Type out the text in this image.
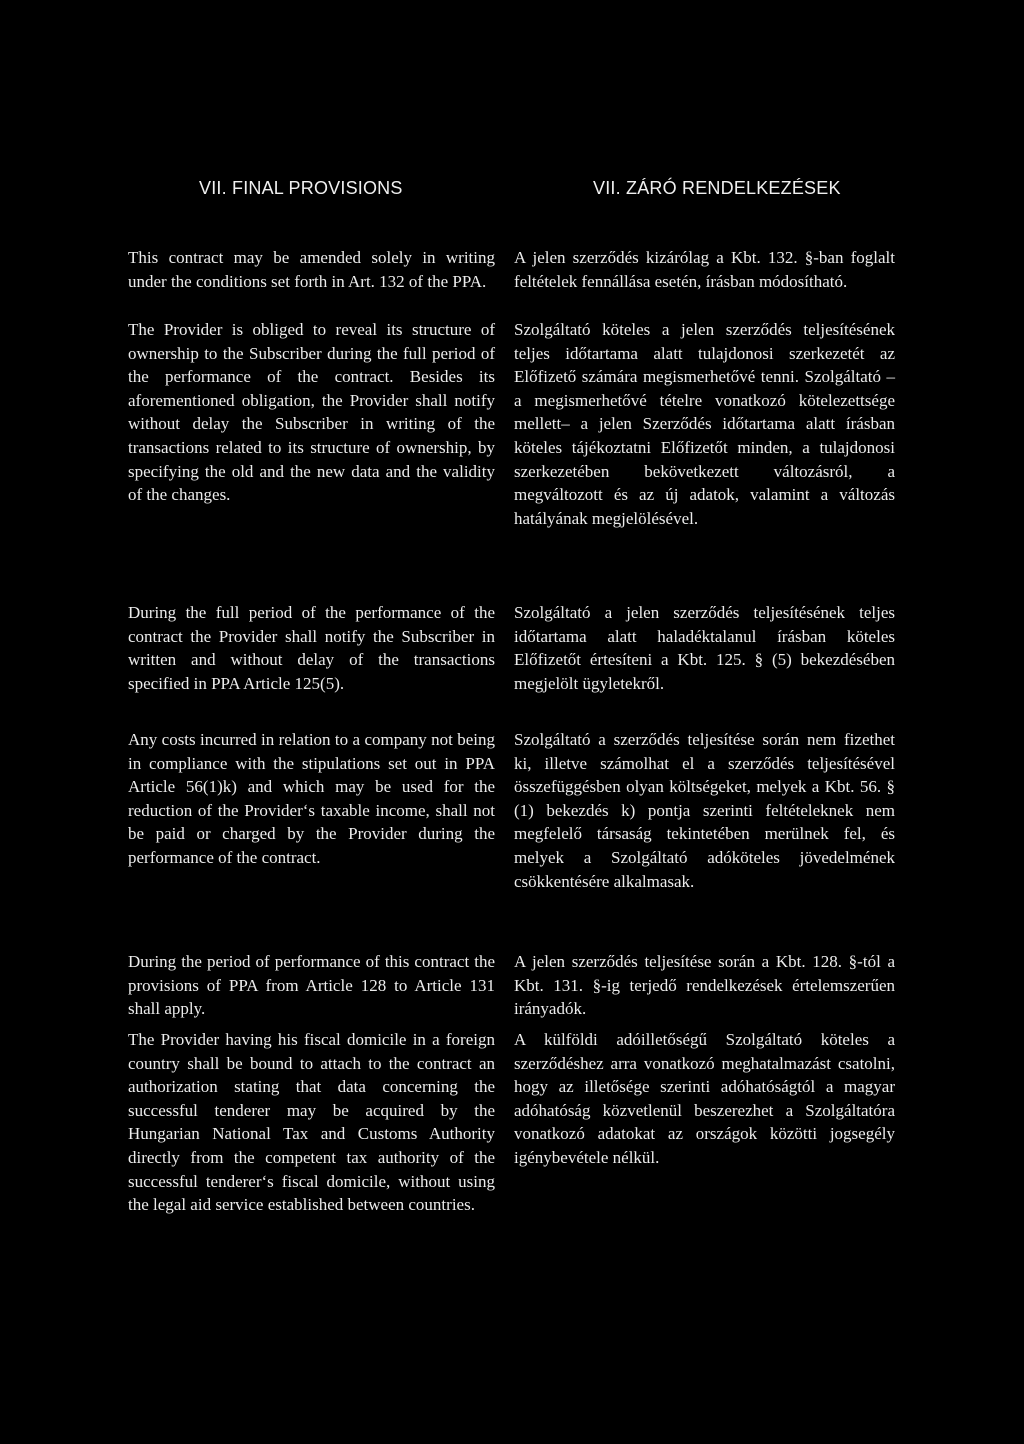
VII. FINAL PROVISIONS	VII. ZÁRÓ RENDELKEZÉSEK

This contract may be amended solely in writing under the conditions set forth in Art. 132 of the PPA.

The Provider is obliged to reveal its structure of ownership to the Subscriber during the full period of the performance of the contract. Besides its aforementioned obligation, the Provider shall notify without delay the Subscriber in writing of the transactions related to its structure of ownership, by specifying the old and the new data and the validity of the changes.

During the full period of the performance of the contract the Provider shall notify the Subscriber in written and without delay of the transactions specified in PPA Article 125(5).

Any costs incurred in relation to a company not being in compliance with the stipulations set out in PPA Article 56(1)k) and which may be used for the reduction of the Provider‘s taxable income, shall not be paid or charged by the Provider during the performance of the contract.

During the period of performance of this contract the provisions of PPA from Article 128 to Article 131 shall apply.

The Provider having his fiscal domicile in a foreign country shall be bound to attach to the contract an authorization stating that data concerning the successful tenderer may be acquired by the Hungarian National Tax and Customs Authority directly from the competent tax authority of the successful tenderer‘s fiscal domicile, without using the legal aid service established between countries.

A jelen szerződés kizárólag a Kbt. 132. §-ban foglalt feltételek fennállása esetén, írásban módosítható.

Szolgáltató köteles a jelen szerződés teljesítésének teljes időtartama alatt tulajdonosi szerkezetét az Előfizető számára megismerhetővé tenni. Szolgáltató – a megismerhetővé tételre vonatkozó kötelezettsége mellett– a jelen Szerződés időtartama alatt írásban köteles tájékoztatni Előfizetőt minden, a tulajdonosi szerkezetében bekövetkezett változásról, a megváltozott és az új adatok, valamint a változás hatályának megjelölésével.

Szolgáltató a jelen szerződés teljesítésének teljes időtartama alatt haladéktalanul írásban köteles Előfizetőt értesíteni a Kbt. 125. § (5) bekezdésében megjelölt ügyletekről.

Szolgáltató a szerződés teljesítése során nem fizethet ki, illetve számolhat el a szerződés teljesítésével összefüggésben olyan költségeket, melyek a Kbt. 56. § (1) bekezdés k) pontja szerinti feltételeknek nem megfelelő társaság tekintetében merülnek fel, és melyek a Szolgáltató adóköteles jövedelmének csökkentésére alkalmasak.

A jelen szerződés teljesítése során a Kbt. 128. §-tól a Kbt. 131. §-ig terjedő rendelkezések értelemszerűen irányadók.

A külföldi adóilletőségű Szolgáltató köteles a szerződéshez arra vonatkozó meghatalmazást csatolni, hogy az illetősége szerinti adóhatóságtól a magyar adóhatóság közvetlenül beszerezhet a Szolgáltatóra vonatkozó adatokat az országok közötti jogsegély igénybevétele nélkül.
